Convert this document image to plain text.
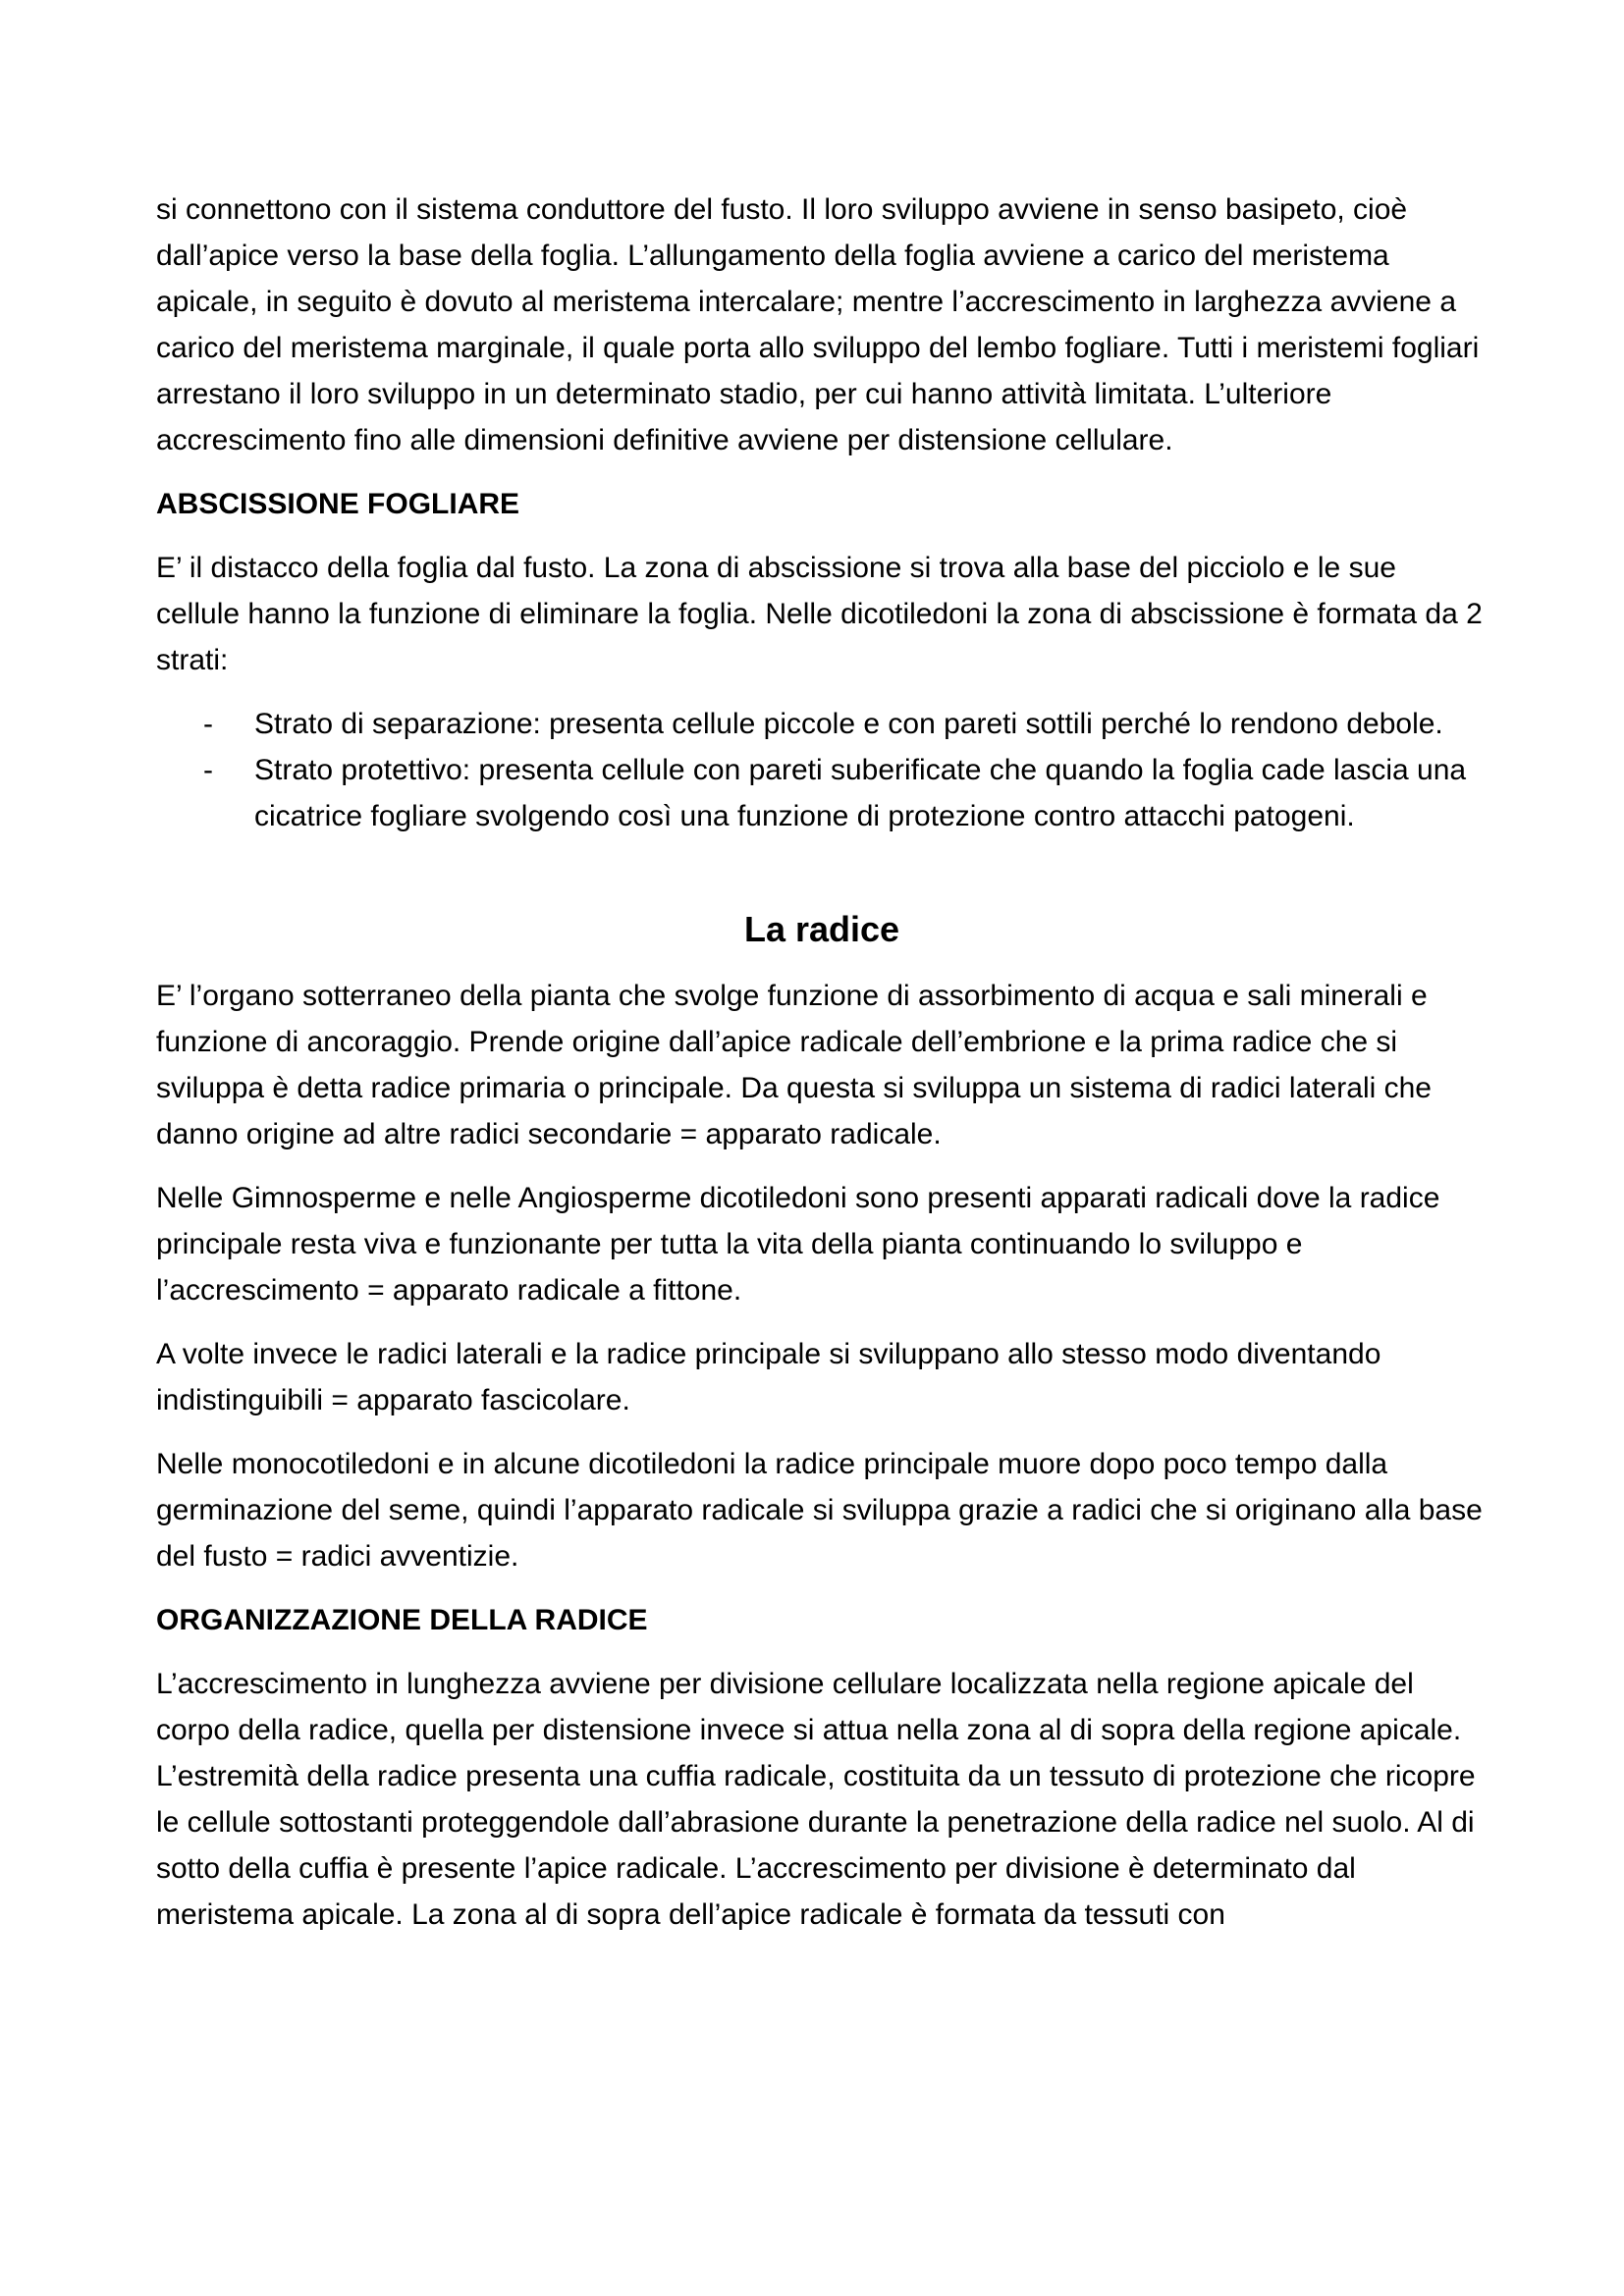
si connettono con il sistema conduttore del fusto. Il loro sviluppo avviene in senso basipeto, cioè dall’apice verso la base della foglia. L’allungamento della foglia avviene a carico del meristema apicale, in seguito è dovuto al meristema intercalare; mentre l’accrescimento in larghezza avviene a carico del meristema marginale, il quale porta allo sviluppo del lembo fogliare. Tutti i meristemi fogliari arrestano il loro sviluppo in un determinato stadio, per cui hanno attività limitata. L’ulteriore accrescimento fino alle dimensioni definitive avviene per distensione cellulare.

ABSCISSIONE FOGLIARE

E’ il distacco della foglia dal fusto. La zona di abscissione si trova alla base del picciolo e le sue cellule hanno la funzione di eliminare la foglia. Nelle dicotiledoni la zona di abscissione è formata da 2 strati:

- Strato di separazione: presenta cellule piccole e con pareti sottili perché lo rendono debole.
- Strato protettivo: presenta cellule con pareti suberificate che quando la foglia cade lascia una cicatrice fogliare svolgendo così una funzione di protezione contro attacchi patogeni.
La radice

E’ l’organo sotterraneo della pianta che svolge funzione di assorbimento di acqua e sali minerali e funzione di ancoraggio. Prende origine dall’apice radicale dell’embrione e la prima radice che si sviluppa è detta radice primaria o principale. Da questa si sviluppa un sistema di radici laterali che danno origine ad altre radici secondarie = apparato radicale.

Nelle Gimnosperme e nelle Angiosperme dicotiledoni sono presenti apparati radicali dove la radice principale resta viva e funzionante per tutta la vita della pianta continuando lo sviluppo e l’accrescimento = apparato radicale a fittone.

A volte invece le radici laterali e la radice principale si sviluppano allo stesso modo diventando indistinguibili = apparato fascicolare.

Nelle monocotiledoni e in alcune dicotiledoni la radice principale muore dopo poco tempo dalla germinazione del seme, quindi l’apparato radicale si sviluppa grazie a radici che si originano alla base del fusto = radici avventizie.

ORGANIZZAZIONE DELLA RADICE

L’accrescimento in lunghezza avviene per divisione cellulare localizzata nella regione apicale del corpo della radice, quella per distensione invece si attua nella zona al di sopra della regione apicale. L’estremità della radice presenta una cuffia radicale, costituita da un tessuto di protezione che ricopre le cellule sottostanti proteggendole dall’abrasione durante la penetrazione della radice nel suolo. Al di sotto della cuffia è presente l’apice radicale. L’accrescimento per divisione è determinato dal meristema apicale. La zona al di sopra dell’apice radicale è formata da tessuti con
